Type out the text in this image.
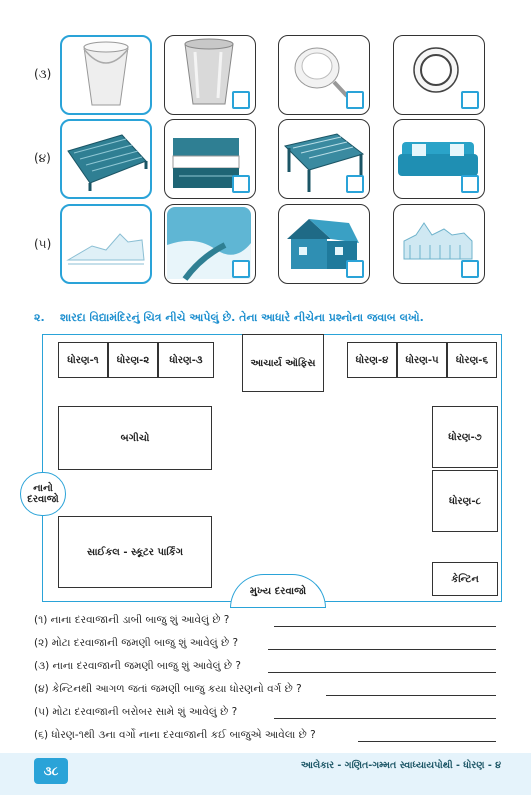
(૩)
(૪)
(૫)
૨. શારદા વિદ્યામંદિરનું ચિત્ર નીચે આપેલું છે. તેના આધારે નીચેના પ્રશ્નોના જવાબ લખો.
ધોરણ-૧	ધોરણ-૨	ધોરણ-૩	આચાર્ય ઑફિસ	ધોરણ-૪	ધોરણ-૫	ધોરણ-૬
બગીચો	ધોરણ-૭
નાનો દરવાજો	ધોરણ-૮
સાઈકલ - સ્કૂટર પાર્કિંગ
મુખ્ય દરવાજો
કેન્ટિન
(૧) નાના દરવાજાની ડાબી બાજુ શું આવેલું છે ?
(૨) મોટા દરવાજાની જમણી બાજુ શું આવેલું છે ?
(૩) નાના દરવાજાની જમણી બાજુ શું આવેલું છે ?
(૪) કેન્ટિનથી આગળ જતાં જમણી બાજુ કયા ધોરણનો વર્ગ છે ?
(૫) મોટા દરવાજાની બરોબર સામે શું આવેલું છે ?
(૬) ધોરણ-૧થી ૩ના વર્ગો નાના દરવાજાની કઈ બાજુએ આવેલા છે ?
૩૮	આલેકાર - ગણિત-ગમ્મત સ્વાધ્યાયપોથી - ધોરણ - ૪
